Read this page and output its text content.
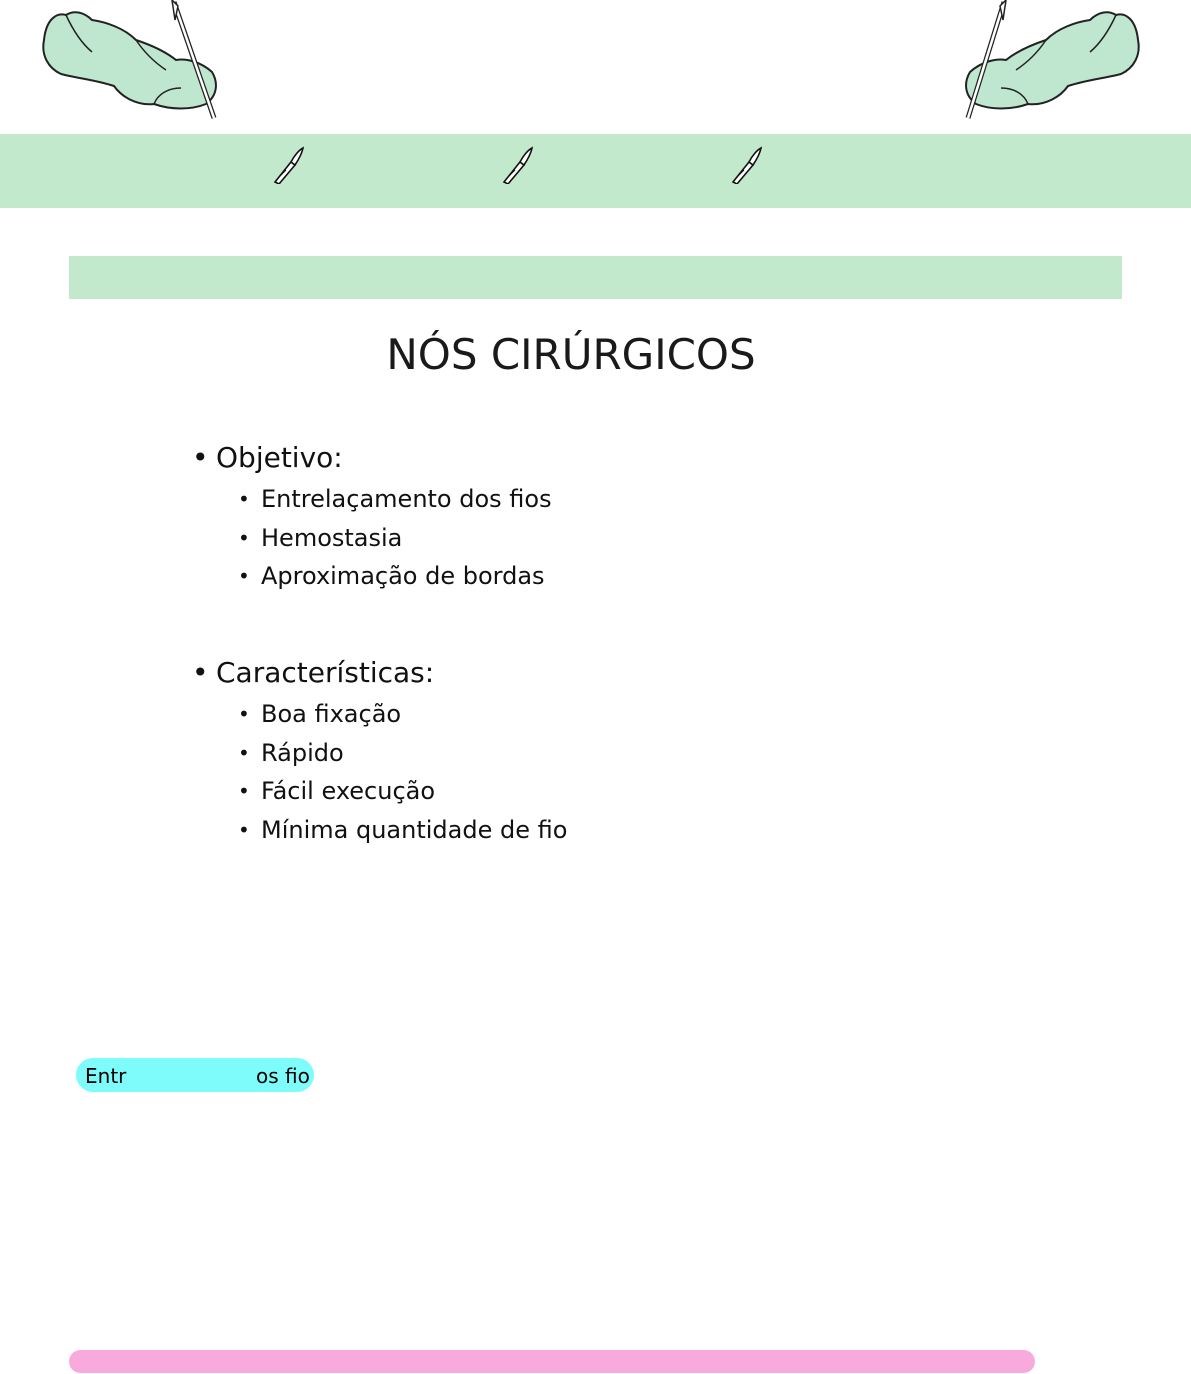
NÓS CIRÚRGICOS
• Objetivo:
• Entrelaçamento dos fios
• Hemostasia
• Aproximação de bordas
• Características:
• Boa fixação
• Rápido
• Fácil execução
• Mínima quantidade de fio
Entr	os fio
